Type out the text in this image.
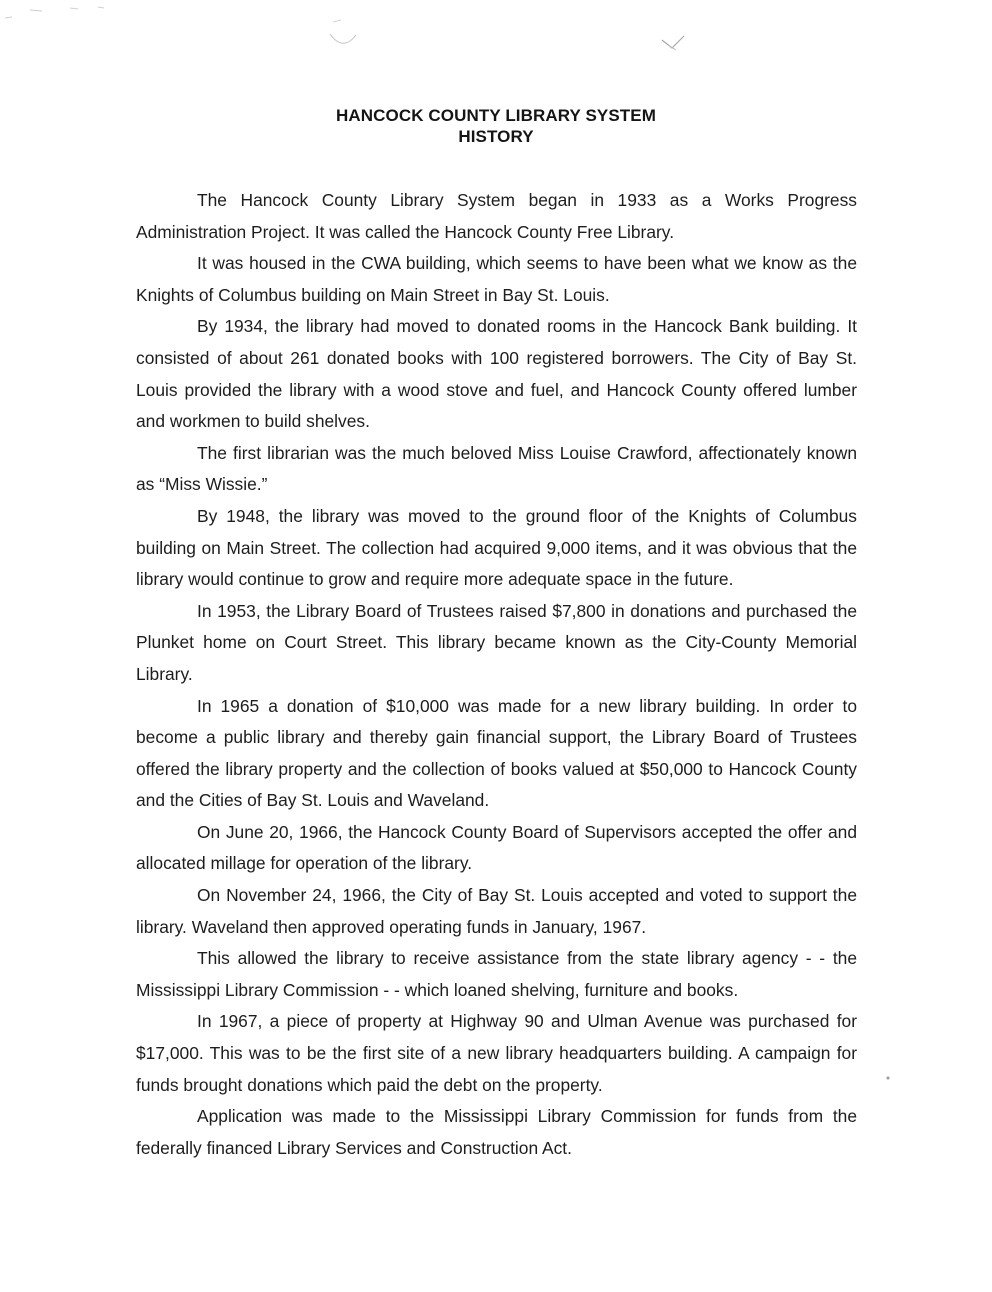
HANCOCK COUNTY LIBRARY SYSTEM
HISTORY

The Hancock County Library System began in 1933 as a Works Progress Administration Project. It was called the Hancock County Free Library.

It was housed in the CWA building, which seems to have been what we know as the Knights of Columbus building on Main Street in Bay St. Louis.

By 1934, the library had moved to donated rooms in the Hancock Bank building. It consisted of about 261 donated books with 100 registered borrowers. The City of Bay St. Louis provided the library with a wood stove and fuel, and Hancock County offered lumber and workmen to build shelves.

The first librarian was the much beloved Miss Louise Crawford, affectionately known as “Miss Wissie.”

By 1948, the library was moved to the ground floor of the Knights of Columbus building on Main Street. The collection had acquired 9,000 items, and it was obvious that the library would continue to grow and require more adequate space in the future.

In 1953, the Library Board of Trustees raised $7,800 in donations and purchased the Plunket home on Court Street. This library became known as the City-County Memorial Library.

In 1965 a donation of $10,000 was made for a new library building. In order to become a public library and thereby gain financial support, the Library Board of Trustees offered the library property and the collection of books valued at $50,000 to Hancock County and the Cities of Bay St. Louis and Waveland.

On June 20, 1966, the Hancock County Board of Supervisors accepted the offer and allocated millage for operation of the library.

On November 24, 1966, the City of Bay St. Louis accepted and voted to support the library. Waveland then approved operating funds in January, 1967.

This allowed the library to receive assistance from the state library agency - - the Mississippi Library Commission - - which loaned shelving, furniture and books.

In 1967, a piece of property at Highway 90 and Ulman Avenue was purchased for $17,000. This was to be the first site of a new library headquarters building. A campaign for funds brought donations which paid the debt on the property.

Application was made to the Mississippi Library Commission for funds from the federally financed Library Services and Construction Act.
